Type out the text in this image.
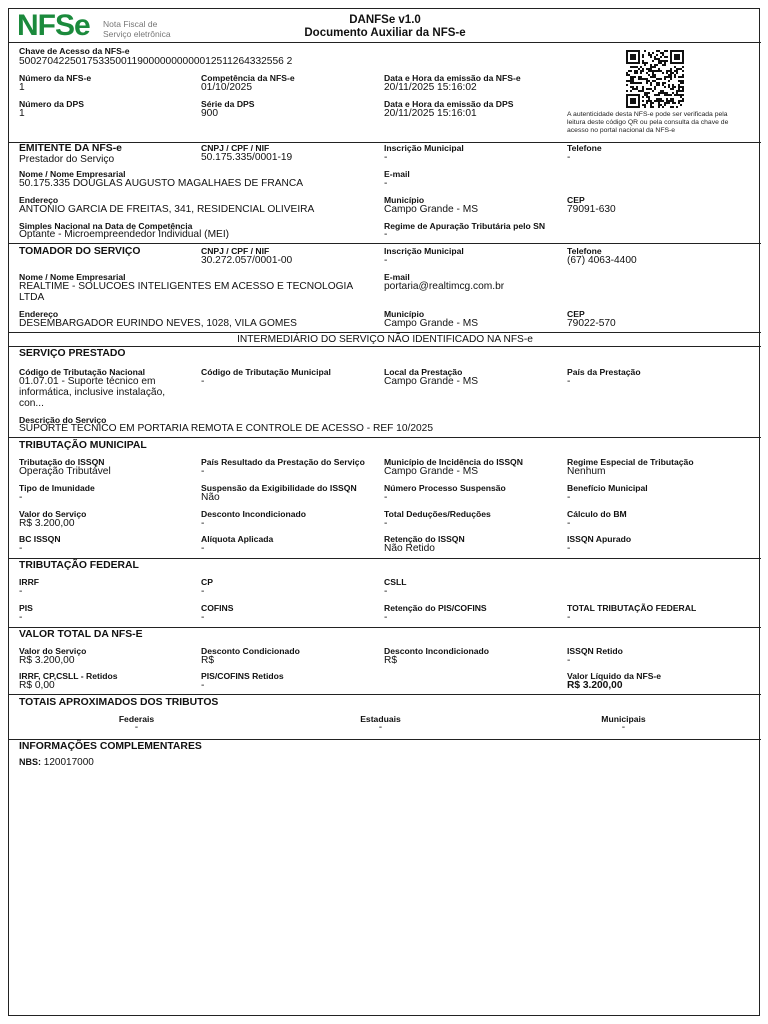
NFSe Nota Fiscal de
Serviço eletrônica
DANFSe v1.0
Documento Auxiliar da NFS-e
Chave de Acesso da NFS-e
50027042250175335001190000000000012511264332556 2
Número da NFS-e
1
Competência da NFS-e
01/10/2025
Data e Hora da emissão da NFS-e
20/11/2025 15:16:02
Número da DPS
1
Série da DPS
900
Data e Hora da emissão da DPS
20/11/2025 15:16:01	A autenticidade desta NFS-e pode ser verificada pela leitura deste código QR ou pela consulta da chave de acesso no portal nacional da NFS-e
EMITENTE DA NFS-e
Prestador do Serviço
CNPJ / CPF / NIF
50.175.335/0001-19
Inscrição Municipal
-
Telefone
-
Nome / Nome Empresarial
50.175.335 DOUGLAS AUGUSTO MAGALHAES DE FRANCA
E-mail
-
Endereço
ANTONIO GARCIA DE FREITAS, 341, RESIDENCIAL OLIVEIRA
Município
Campo Grande - MS
CEP
79091-630
Simples Nacional na Data de Competência
Optante - Microempreendedor Individual (MEI)
Regime de Apuração Tributária pelo SN
-
TOMADOR DO SERVIÇO	CNPJ / CPF / NIF
30.272.057/0001-00
Inscrição Municipal
-
Telefone
(67) 4063-4400
Nome / Nome Empresarial
REALTIME - SOLUCOES INTELIGENTES EM ACESSO E TECNOLOGIA
LTDA
E-mail
portaria@realtimcg.com.br
Endereço
DESEMBARGADOR EURINDO NEVES, 1028, VILA GOMES
Município
Campo Grande - MS
CEP
79022-570
INTERMEDIÁRIO DO SERVIÇO NÃO IDENTIFICADO NA NFS-e
SERVIÇO PRESTADO
Código de Tributação Nacional
01.07.01 - Suporte técnico em
informática, inclusive instalação,
con...
Código de Tributação Municipal
-
Local da Prestação
Campo Grande - MS
País da Prestação
-
Descrição do Serviço
SUPORTE TECNICO EM PORTARIA REMOTA E CONTROLE DE ACESSO - REF 10/2025
TRIBUTAÇÃO MUNICIPAL
Tributação do ISSQN
Operação Tributável
País Resultado da Prestação do Serviço
-
Município de Incidência do ISSQN
Campo Grande - MS
Regime Especial de Tributação
Nenhum
Tipo de Imunidade
-
Suspensão da Exigibilidade do ISSQN
Não
Número Processo Suspensão
-
Benefício Municipal
-
Valor do Serviço
R$ 3.200,00
Desconto Incondicionado
-
Total Deduções/Reduções
-
Cálculo do BM
-
BC ISSQN
-
Alíquota Aplicada
-
Retenção do ISSQN
Não Retido
ISSQN Apurado
-
TRIBUTAÇÃO FEDERAL
IRRF
-
CP
-
CSLL
-
PIS
-
COFINS
-
Retenção do PIS/COFINS
-
TOTAL TRIBUTAÇÃO FEDERAL
-
VALOR TOTAL DA NFS-E
Valor do Serviço
R$ 3.200,00
Desconto Condicionado
R$
Desconto Incondicionado
R$
ISSQN Retido
-
IRRF, CP,CSLL - Retidos
R$ 0,00
PIS/COFINS Retidos
-
Valor Líquido da NFS-e
R$ 3.200,00
TOTAIS APROXIMADOS DOS TRIBUTOS
Federais
-
Estaduais
-
Municipais
-
INFORMAÇÕES COMPLEMENTARES
NBS: 120017000
